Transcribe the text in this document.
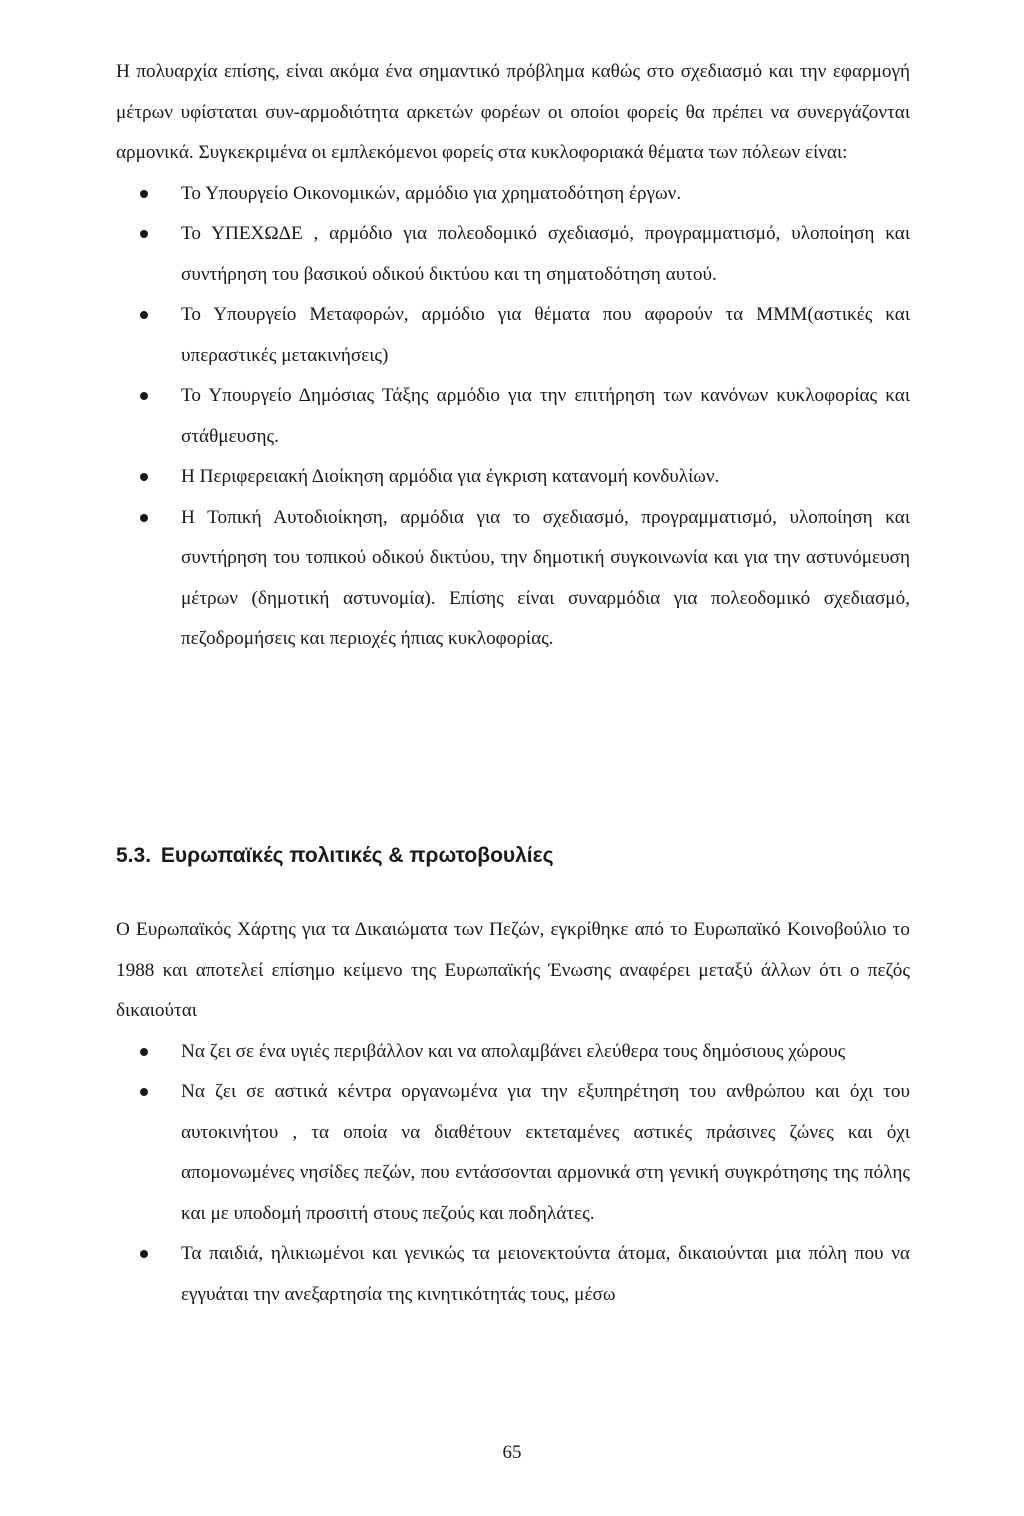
Η πολυαρχία επίσης, είναι ακόμα ένα σημαντικό πρόβλημα καθώς στο σχεδιασμό και την εφαρμογή μέτρων υφίσταται συν-αρμοδιότητα αρκετών φορέων οι οποίοι φορείς θα πρέπει να συνεργάζονται αρμονικά. Συγκεκριμένα οι εμπλεκόμενοι φορείς στα κυκλοφοριακά θέματα των πόλεων είναι:

Το Υπουργείο Οικονομικών, αρμόδιο για χρηματοδότηση έργων.
Το ΥΠΕΧΩΔΕ , αρμόδιο για πολεοδομικό σχεδιασμό, προγραμματισμό, υλοποίηση και συντήρηση του βασικού οδικού δικτύου και τη σηματοδότηση αυτού.
Το Υπουργείο Μεταφορών, αρμόδιο για θέματα που αφορούν τα ΜΜΜ(αστικές και υπεραστικές μετακινήσεις)
Το Υπουργείο Δημόσιας Τάξης αρμόδιο για την επιτήρηση των κανόνων κυκλοφορίας και στάθμευσης.
Η Περιφερειακή Διοίκηση αρμόδια για έγκριση κατανομή κονδυλίων.
Η Τοπική Αυτοδιοίκηση, αρμόδια για το σχεδιασμό, προγραμματισμό, υλοποίηση και συντήρηση του τοπικού οδικού δικτύου, την δημοτική συγκοινωνία και για την αστυνόμευση μέτρων (δημοτική αστυνομία). Επίσης είναι συναρμόδια για πολεοδομικό σχεδιασμό, πεζοδρομήσεις και περιοχές ήπιας κυκλοφορίας.
5.3. Ευρωπαϊκές πολιτικές & πρωτοβουλίες

Ο Ευρωπαϊκός Χάρτης για τα Δικαιώματα των Πεζών, εγκρίθηκε από το Ευρωπαϊκό Κοινοβούλιο το 1988 και αποτελεί επίσημο κείμενο της Ευρωπαϊκής Ένωσης αναφέρει μεταξύ άλλων ότι ο πεζός δικαιούται

Να ζει σε ένα υγιές περιβάλλον και να απολαμβάνει ελεύθερα τους δημόσιους χώρους
Να ζει σε αστικά κέντρα οργανωμένα για την εξυπηρέτηση του ανθρώπου και όχι του αυτοκινήτου , τα οποία να διαθέτουν εκτεταμένες αστικές πράσινες ζώνες και όχι απομονωμένες νησίδες πεζών, που εντάσσονται αρμονικά στη γενική συγκρότησης της πόλης και με υποδομή προσιτή στους πεζούς και ποδηλάτες.
Τα παιδιά, ηλικιωμένοι και γενικώς τα μειονεκτούντα άτομα, δικαιούνται μια πόλη που να εγγυάται την ανεξαρτησία της κινητικότητάς τους, μέσω
65
